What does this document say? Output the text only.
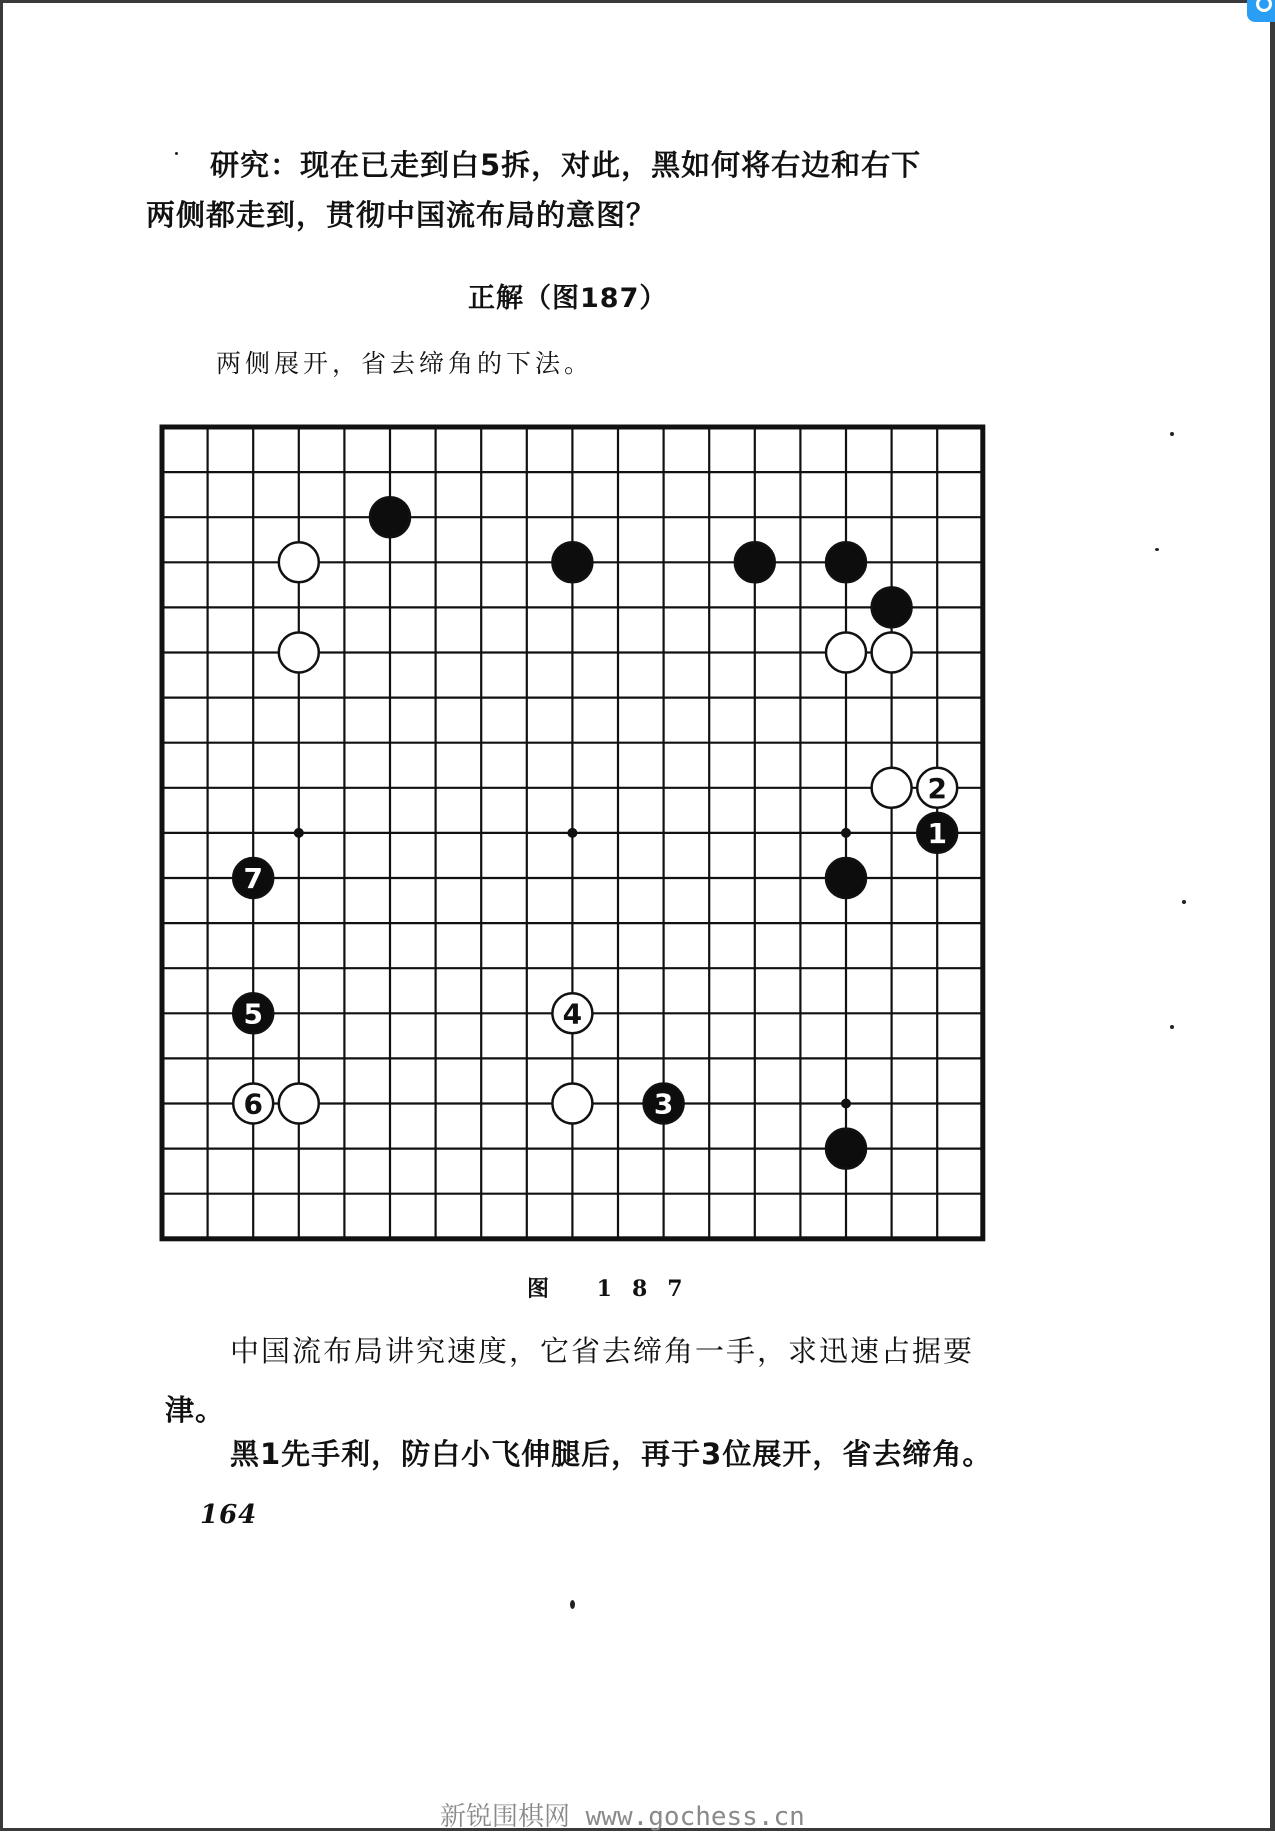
研究：现在已走到白5拆，对此，黑如何将右边和右下
两侧都走到，贯彻中国流布局的意图？
正解（图187）
两侧展开，省去缔角的下法。
1
2
3
4
5
6
7
图 187
中国流布局讲究速度，它省去缔角一手，求迅速占据要
津。
黑1先手利，防白小飞伸腿后，再于3位展开，省去缔角。
164
新锐围棋网 www.gochess.cn
